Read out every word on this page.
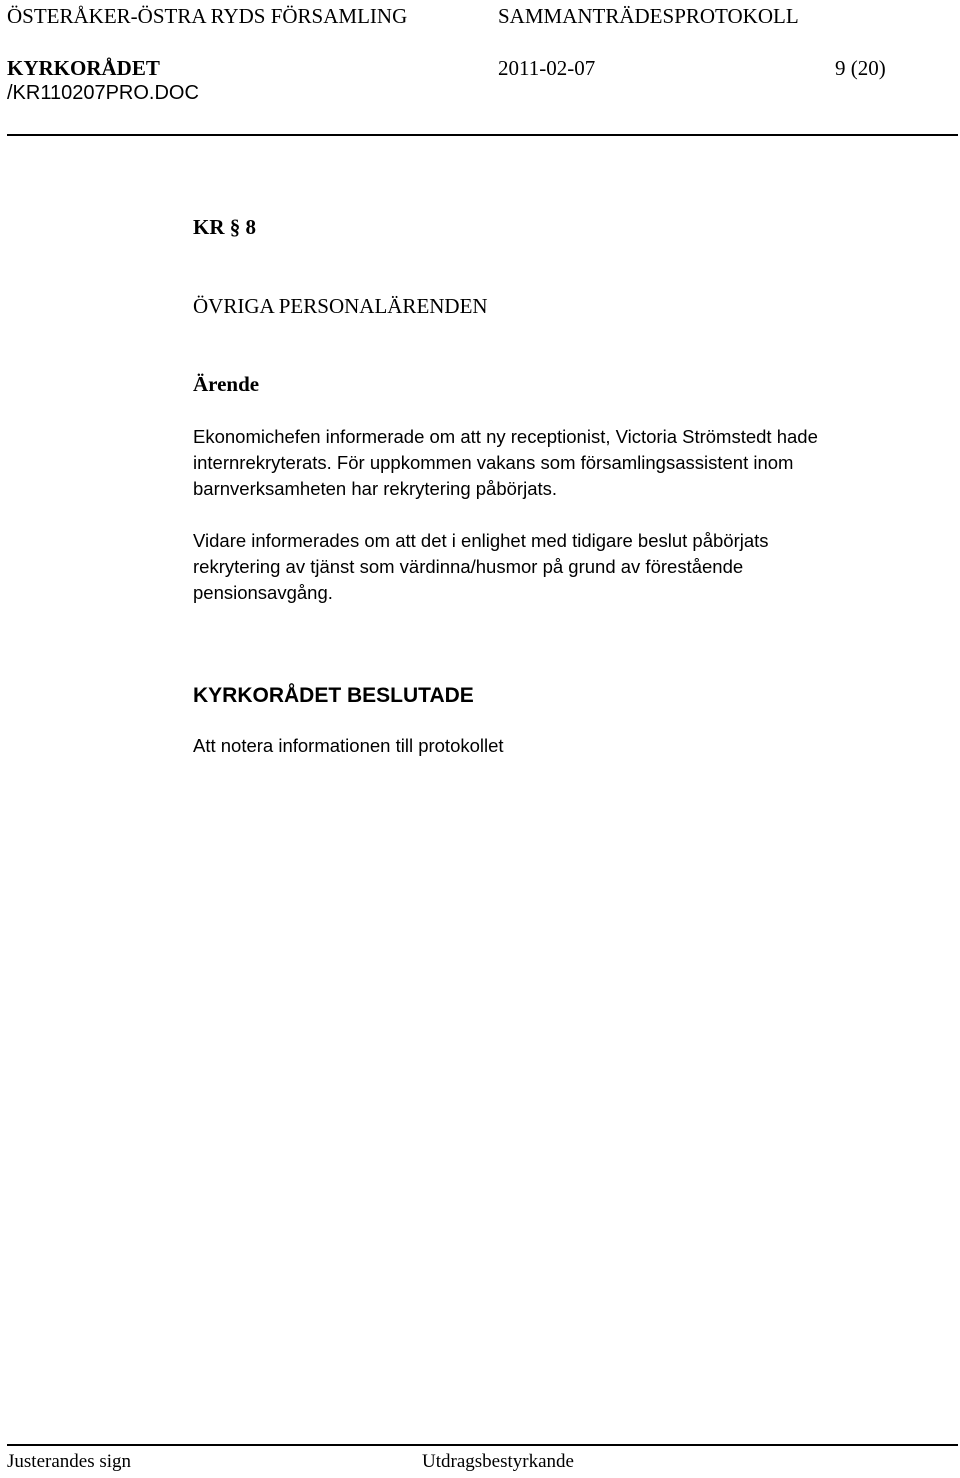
ÖSTERÅKER-ÖSTRA RYDS FÖRSAMLING	SAMMANTRÄDESPROTOKOLL
KYRKORÅDET	2011-02-07	9 (20)
/KR110207PRO.DOC
KR § 8
ÖVRIGA PERSONALÄRENDEN
Ärende

Ekonomichefen informerade om att ny receptionist, Victoria Strömstedt hade
internrekryterats. För uppkommen vakans som församlingsassistent inom
barnverksamheten har rekrytering påbörjats.

Vidare informerades om att det i enlighet med tidigare beslut påbörjats
rekrytering av tjänst som värdinna/husmor på grund av förestående
pensionsavgång.

KYRKORÅDET BESLUTADE
Att notera informationen till protokollet
Justerandes sign	Utdragsbestyrkande
